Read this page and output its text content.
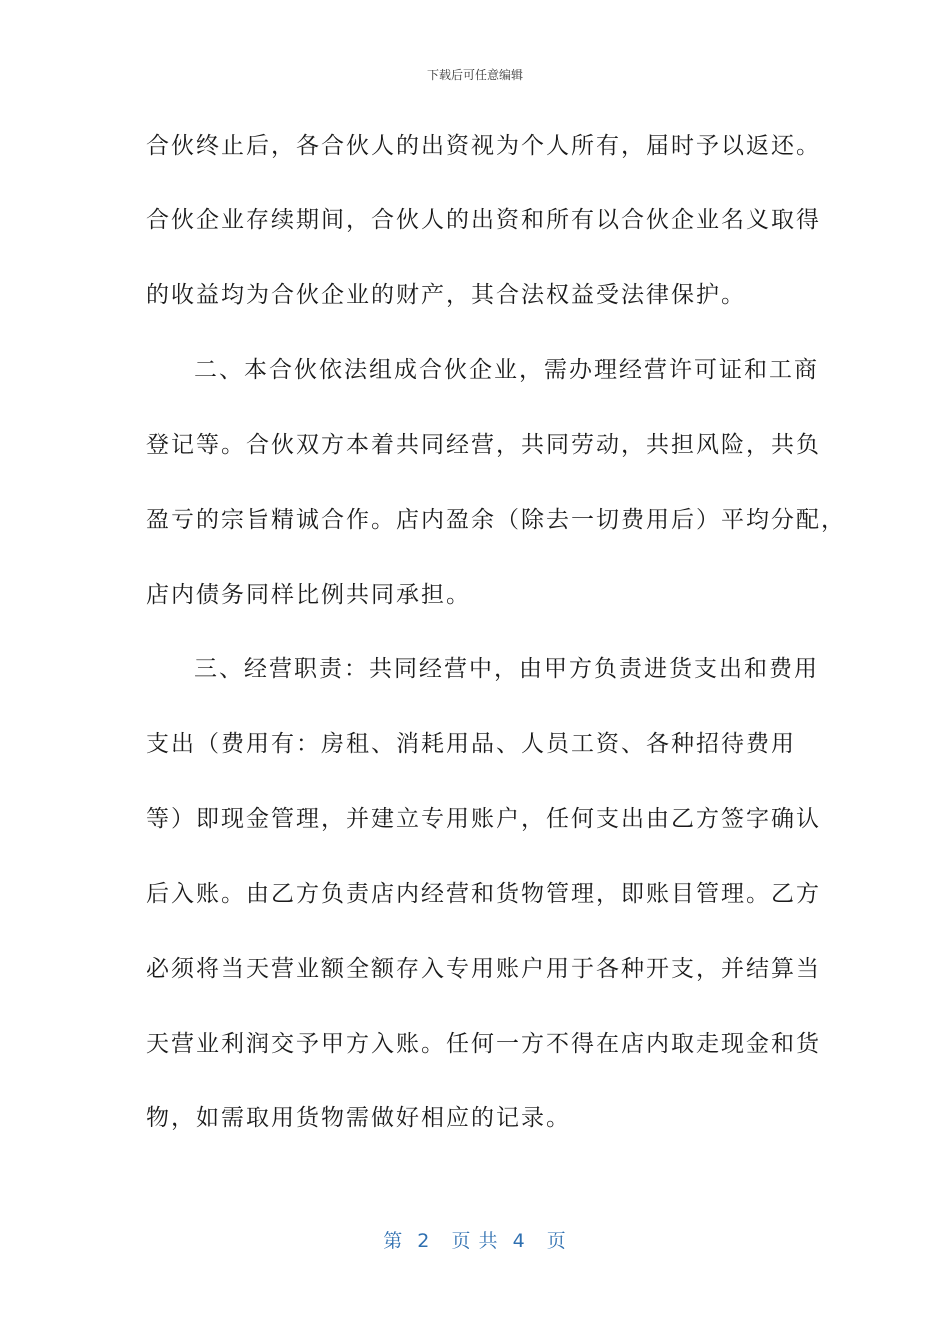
下载后可任意编辑
合伙终止后，各合伙人的出资视为个人所有，届时予以返还。
合伙企业存续期间，合伙人的出资和所有以合伙企业名义取得
的收益均为合伙企业的财产，其合法权益受法律保护。
二、本合伙依法组成合伙企业，需办理经营许可证和工商
登记等。合伙双方本着共同经营，共同劳动，共担风险，共负
盈亏的宗旨精诚合作。店内盈余（除去一切费用后）平均分配，
店内债务同样比例共同承担。
三、经营职责：共同经营中，由甲方负责进货支出和费用
支出（费用有：房租、消耗用品、人员工资、各种招待费用
等）即现金管理，并建立专用账户，任何支出由乙方签字确认
后入账。由乙方负责店内经营和货物管理，即账目管理。乙方
必须将当天营业额全额存入专用账户用于各种开支，并结算当
天营业利润交予甲方入账。任何一方不得在店内取走现金和货
物，如需取用货物需做好相应的记录。
第  2   页 共  4   页
